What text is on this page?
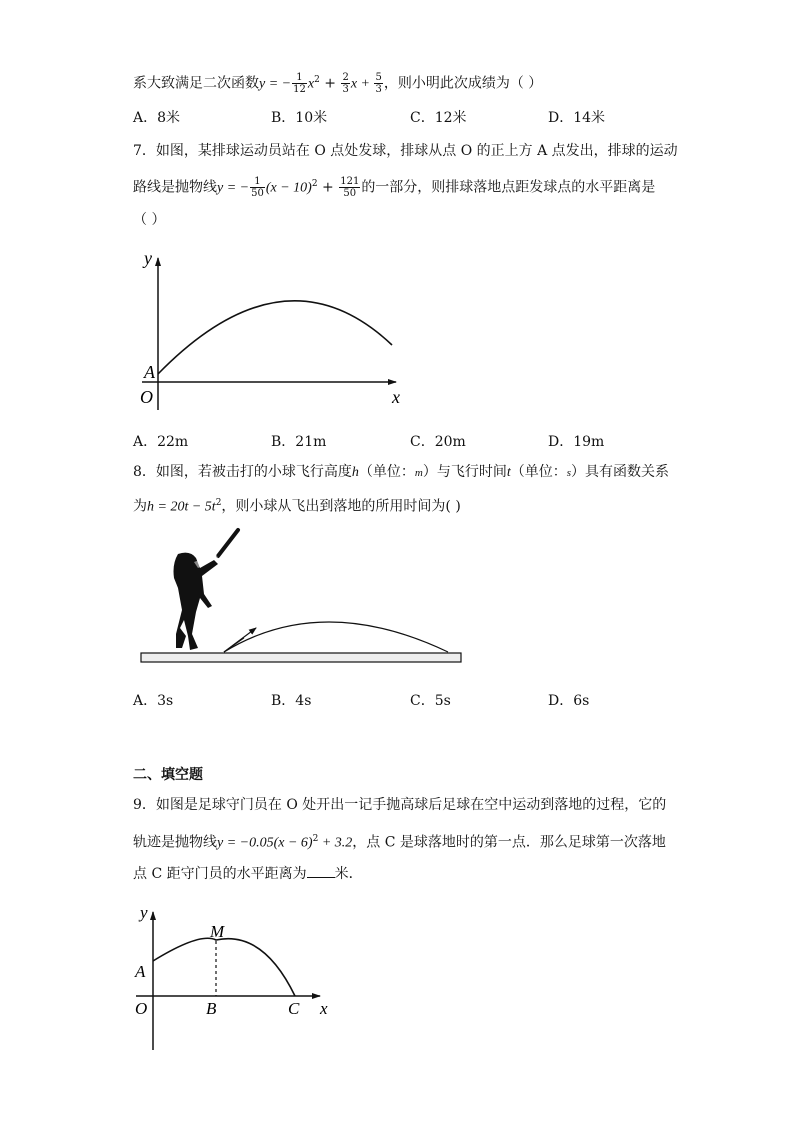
系大致满足二次函数y = − $\frac{1}{12} x^2 + \frac{2}{3}$ $x + \frac{5}{3}$ ，则小明此次成绩为（ ）
A．8米	B．10米	C．12米	D．14米
7．如图，某排球运动员站在 O 点处发球，排球从点 O 的正上方 A 点发出，排球的运动
路线是抛物线y = − $\frac{1}{50} (x - 10)^2 + \frac{121}{50}$ 的一部分，则排球落地点距发球点的水平距离是
（ ）
y
x
O
A
A．22m	B．21m	C．20m	D．19m
8．如图，若被击打的小球飞行高度h（单位：m）与飞行时间t（单位：s）具有函数关系
为$h = 20t - 5t^2$，则小球从飞出到落地的所用时间为( )
A．3s	B．4s	C．5s	D．6s
二、填空题
9．如图是足球守门员在 O 处开出一记手抛高球后足球在空中运动到落地的过程，它的
轨迹是抛物线$y = -0.05(x - 6)^2 + 3.2$，点 C 是球落地时的第一点．那么足球第一次落地
点 C 距守门员的水平距离为 米．
y
x
O
A
M
B	C
